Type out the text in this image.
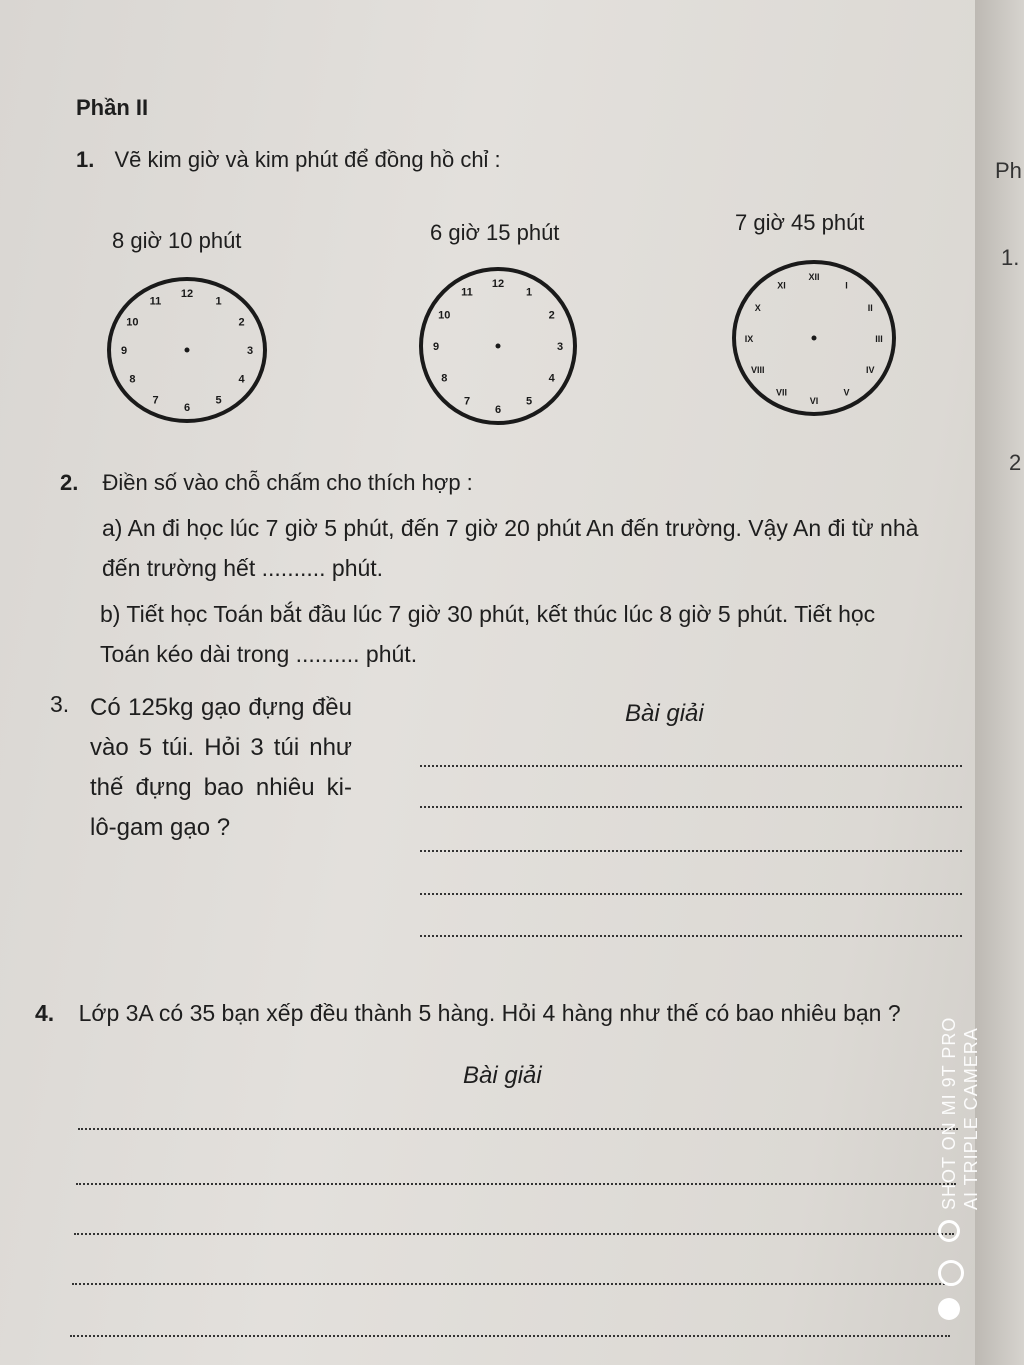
Phần II
1. Vẽ kim giờ và kim phút để đồng hồ chỉ :
8 giờ 10 phút	6 giờ 15 phút	7 giờ 45 phút
12
1
2
3
4
5
6
7
8
9
10
11
12
1
2
3
4
5
6
7
8
9
10
11
XII
I
II
III
IV
V
VI
VII
VIII
IX
X
XI
2. Điền số vào chỗ chấm cho thích hợp :
a) An đi học lúc 7 giờ 5 phút, đến 7 giờ 20 phút An đến trường. Vậy An đi từ nhà
đến trường hết .......... phút.
b) Tiết học Toán bắt đầu lúc 7 giờ 30 phút, kết thúc lúc 8 giờ 5 phút. Tiết học
Toán kéo dài trong .......... phút.
3. Có 125kg gạo đựng đều vào 5 túi. Hỏi 3 túi như thế đựng bao nhiêu ki-lô-gam gạo ?
Bài giải
4. Lớp 3A có 35 bạn xếp đều thành 5 hàng. Hỏi 4 hàng như thế có bao nhiêu bạn ?
Bài giải
Ph
1.
2
SHOT ON MI 9T PRO AI TRIPLE CAMERA
